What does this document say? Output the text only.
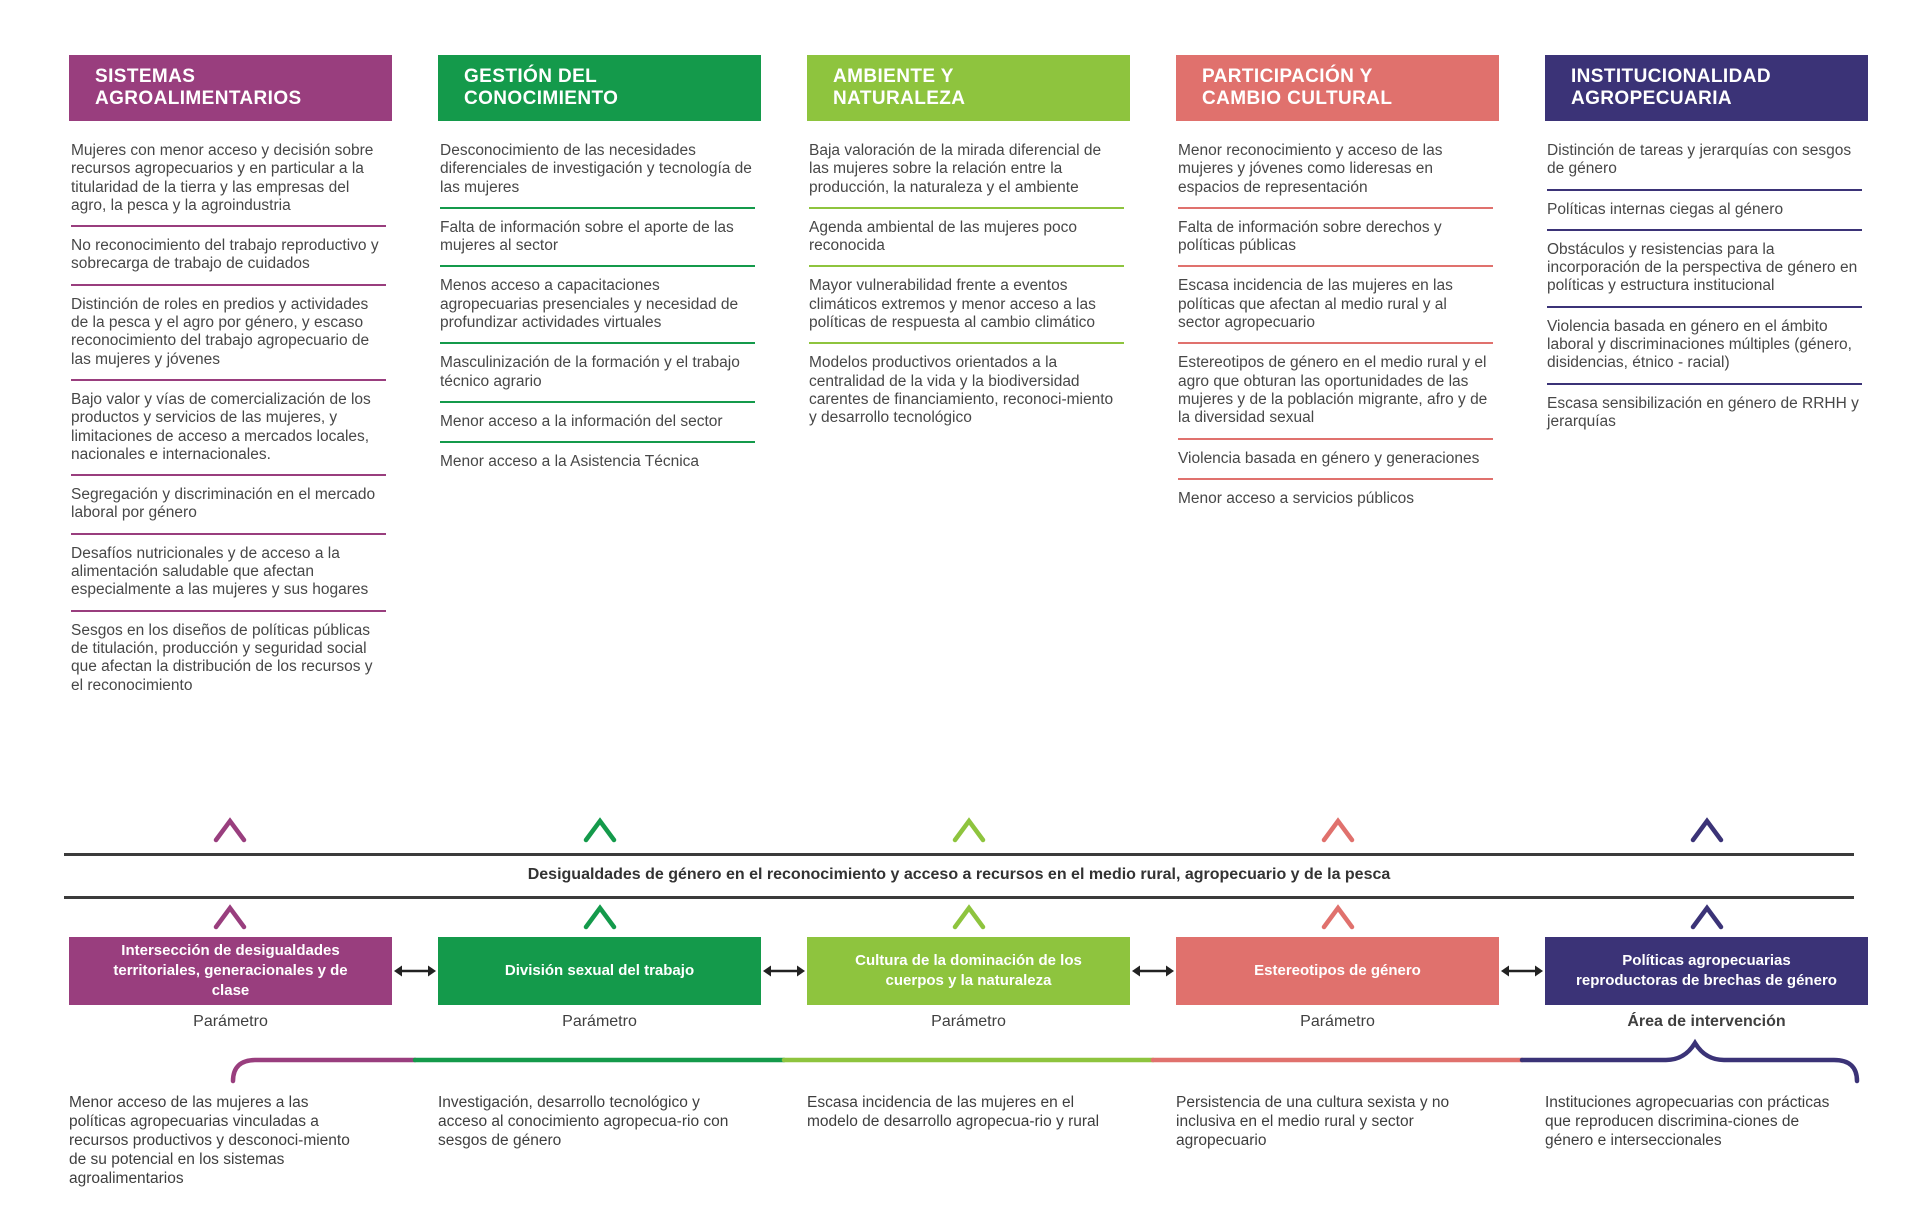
SISTEMAS AGROALIMENTARIOS

Mujeres con menor acceso y decisión sobre recursos agropecuarios y en particular a la titularidad de la tierra y las empresas del agro, la pesca y la agroindustria

No reconocimiento del trabajo reproductivo y sobrecarga de trabajo de cuidados

Distinción de roles en predios y actividades de la pesca y el agro por género, y escaso reconocimiento del trabajo agropecuario de las mujeres y jóvenes

Bajo valor y vías de comercialización de los productos y servicios de las mujeres, y limitaciones de acceso a mercados locales, nacionales e internacionales.

Segregación y discriminación en el mercado laboral por género

Desafíos nutricionales y de acceso a la alimentación saludable que afectan especialmente a las mujeres y sus hogares

Sesgos en los diseños de políticas públicas de titulación, producción y seguridad social que afectan la distribución de los recursos y el reconocimiento

GESTIÓN DEL CONOCIMIENTO

Desconocimiento de las necesidades diferenciales de investigación y tecnología de las mujeres

Falta de información sobre el aporte de las mujeres al sector

Menos acceso a capacitaciones agropecuarias presenciales y necesidad de profundizar actividades virtuales

Masculinización de la formación y el trabajo técnico agrario

Menor acceso a la información del sector

Menor acceso a la Asistencia Técnica

AMBIENTE Y NATURALEZA

Baja valoración de la mirada diferencial de las mujeres sobre la relación entre la producción, la naturaleza y el ambiente

Agenda ambiental de las mujeres poco reconocida

Mayor vulnerabilidad frente a eventos climáticos extremos y menor acceso a las políticas de respuesta al cambio climático

Modelos productivos orientados a la centralidad de la vida y la biodiversidad carentes de financiamiento, reconoci-miento y desarrollo tecnológico

PARTICIPACIÓN Y CAMBIO CULTURAL

Menor reconocimiento y acceso de las mujeres y jóvenes como lideresas en espacios de representación

Falta de información sobre derechos y políticas públicas

Escasa incidencia de las mujeres en las políticas que afectan al medio rural y al sector agropecuario

Estereotipos de género en el medio rural y el agro que obturan las oportunidades de las mujeres y de la población migrante, afro y de la diversidad sexual

Violencia basada en género y generaciones

Menor acceso a servicios públicos

INSTITUCIONALIDAD AGROPECUARIA

Distinción de tareas y jerarquías con sesgos de género

Políticas internas ciegas al género

Obstáculos y resistencias para la incorporación de la perspectiva de género en políticas y estructura institucional

Violencia basada en género en el ámbito laboral y discriminaciones múltiples (género, disidencias, étnico - racial)

Escasa sensibilización en género de RRHH y jerarquías

Desigualdades de género en el reconocimiento y acceso a recursos en el medio rural, agropecuario y de la pesca
Intersección de desigualdades territoriales, generacionales y de clase
División sexual del trabajo
Cultura de la dominación de los cuerpos y la naturaleza
Estereotipos de género
Políticas agropecuarias reproductoras de brechas de género
Parámetro	Parámetro	Parámetro	Parámetro	Área de intervención
Menor acceso de las mujeres a las políticas agropecuarias vinculadas a recursos productivos y desconoci-miento de su potencial en los sistemas agroalimentarios
Investigación, desarrollo tecnológico y acceso al conocimiento agropecua-rio con sesgos de género
Escasa incidencia de las mujeres en el modelo de desarrollo agropecua-rio y rural
Persistencia de una cultura sexista y no inclusiva en el medio rural y sector agropecuario
Instituciones agropecuarias con prácticas que reproducen discrimina-ciones de género e interseccionales
